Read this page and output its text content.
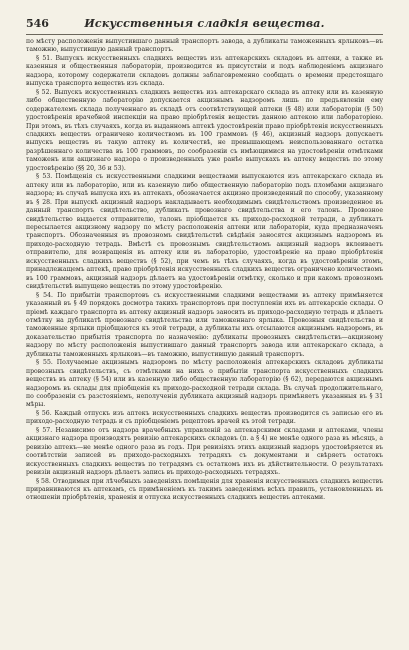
546	Искусственныя сладкія вещества.

по мѣсту расположенія выпустившаго данный транспортъ завода, а дубликаты таможенныхъ ярлыковъ—въ таможню, выпустившую данный транспортъ.

§ 51. Выпускъ искусственныхъ сладкихъ веществъ изъ аптекарскихъ складовъ въ аптеки, а также въ казенныя и общественныя лабораторіи, производится въ присутствіи и подъ наблюденіемъ акцизнаго надзора, которому содержатели складовъ должны заблаговременно сообщать о времени предстоящаго выпуска транспорта веществъ изъ склада.

§ 52. Выпускъ искусственныхъ сладкихъ веществъ изъ аптекарскаго склада въ аптеку или въ казенную либо общественную лабораторію допускается акцизнымъ надзоромъ лишь по предъявленіи ему содержателемъ склада полученнаго въ складѣ отъ соотвѣтствующей аптеки (§ 48) или лабораторіи (§ 50) удостовѣренія врачебной инспекціи на право пріобрѣтенія веществъ данною аптекою или лабораторіею. При этомъ, въ тѣхъ случаяхъ, когда въ выданномъ аптекѣ удостовѣреніи право пріобрѣтенія искусственныхъ сладкихъ веществъ ограничено количествомъ въ 100 граммовъ (§ 46), акцизный надзоръ допускаетъ выпускъ веществъ въ такую аптеку въ количествѣ, не превышающемъ неиспользованнаго остатка разрѣшеннаго количества въ 100 граммовъ, по сообразеніи съ имѣющимися на удостовѣреніи отмѣтками таможенъ или акцизнаго надзора о произведенныхъ уже ранѣе выпускахъ въ аптеку веществъ по этому удостовѣренію (§§ 20, 36 и 53).

§ 53. Помѣщенія съ искусственными сладкими веществами выпускаются изъ аптекарскаго склада въ аптеку или въ лабораторію, или въ казенную либо общественную лабораторію подъ пломбами акцизнаго надзора; въ случаѣ выпуска ихъ въ аптекахъ, обозначается акцизно произведенный по способу, указанному въ § 28. При выпускѣ акцизный надзоръ накладываетъ необходимымъ свидѣтельствомъ произведенное въ данный транспортъ свидѣтельство, дубликатъ провознаго свидѣтельства и его талонъ. Провозное свидѣтельство выдается отправителю, талонъ пріобщается къ приходо-расходной тетради, а дубликатъ пересылается акцизному надзору по мѣсту расположенія аптеки или лабораторіи, куда предназначенъ транспортъ. Обозначенныя въ провозномъ свидѣтельствѣ свѣдѣнія заносятся акцизнымъ надзоромъ въ приходо-расходную тетрадь. Вмѣстѣ съ провознымъ свидѣтельствомъ акцизный надзоръ вклеиваетъ отправителю, для возвращенія въ аптеку или въ лабораторію, удостовѣреніе на право пріобрѣтенія искусственныхъ сладкихъ веществъ (§ 52), при чемъ въ тѣхъ случаяхъ, когда въ удостовѣреніи этомъ, принадлежащемъ аптекѣ, право пріобрѣтенія искусственныхъ сладкихъ веществъ ограничено количествомъ въ 100 граммовъ, акцизный надзоръ дѣлаетъ на удостовѣреніи отмѣтку, сколько и при какомъ провозномъ свидѣтельствѣ выпущено веществъ по этому удостовѣренію.

§ 54. По прибытіи транспортовъ съ искусственными сладкими веществами въ аптеку примѣняется указанный въ § 49 порядокъ досмотра такихъ транспортовъ при поступленіи ихъ въ аптекарскіе склады. О пріемѣ каждаго транспорта въ аптеку акцизный надзоръ заносить въ приходо-расходную тетрадь и дѣлаетъ отмѣтку на дубликатѣ провознаго свидѣтельства или таможеннаго ярлыка. Провозныя свидѣтельства и таможенные ярлыки пріобщаются къ этой тетради, а дубликаты ихъ отсылаются акцизнымъ надзоромъ, въ доказательство прибытія транспорта по назначенію: дубликаты провозныхъ свидѣтельствъ—акцизному надзору по мѣсту расположенія выпустившаго данный транспортъ завода или аптекарскаго склада, а дубликаты таможенныхъ ярлыковъ—въ таможню, выпустившую данный транспортъ.

§ 55. Получаемые акцизнымъ надзоромъ по мѣсту расположенія аптекарскихъ складовъ дубликаты провозныхъ свидѣтельствъ, съ отмѣтками на нихъ о прибытіи транспорта искусственныхъ сладкихъ веществъ въ аптеку (§ 54) или въ казенную либо общественную лабораторію (§ 62), передаются акцизнымъ надзоромъ въ склады для пріобщенія къ приходо-расходной тетради склада. Въ случаѣ продолжительнаго, по сообразеніи съ разстояніемъ, неполученія дубликата акцизный надзоръ примѣняетъ указанныя въ § 31 мѣры.

§ 56. Каждый отпускъ изъ аптекъ искусственныхъ сладкихъ веществъ производится съ записью его въ приходо-расходную тетрадь и съ пріобщеніемъ рецептовъ врачей къ этой тетради.

§ 57. Независимо отъ надзора врачебныхъ управленій за аптекарскими складами и аптеками, члены акцизнаго надзора производятъ ревизію аптекарскихъ складовъ (п. а § 4) не менѣе одного раза въ мѣсяцъ, а ревизію аптекъ—не менѣе одного раза въ годъ. При ревизіяхъ этихъ акцизный надзоръ удостовѣряется въ соотвѣтствіи записей въ приходо-расходныхъ тетрадяхъ съ документами и свѣряетъ остатокъ искусственныхъ сладкихъ веществъ по тетрадямъ съ остаткомъ ихъ въ дѣйствительности. О результатахъ ревизіи акцизный надзоръ дѣлаетъ запись въ приходо-расходныхъ тетрадяхъ.

§ 58. Отводимыя при лѣчебныхъ заведеніяхъ помѣщенія для храненія искусственныхъ сладкихъ веществъ приравниваются къ аптекамъ, съ примѣненіемъ къ такимъ заведеніямъ всѣхъ правилъ, установленныхъ въ отношеніи пріобрѣтенія, храненія и отпуска искусственныхъ сладкихъ веществъ аптеками.
